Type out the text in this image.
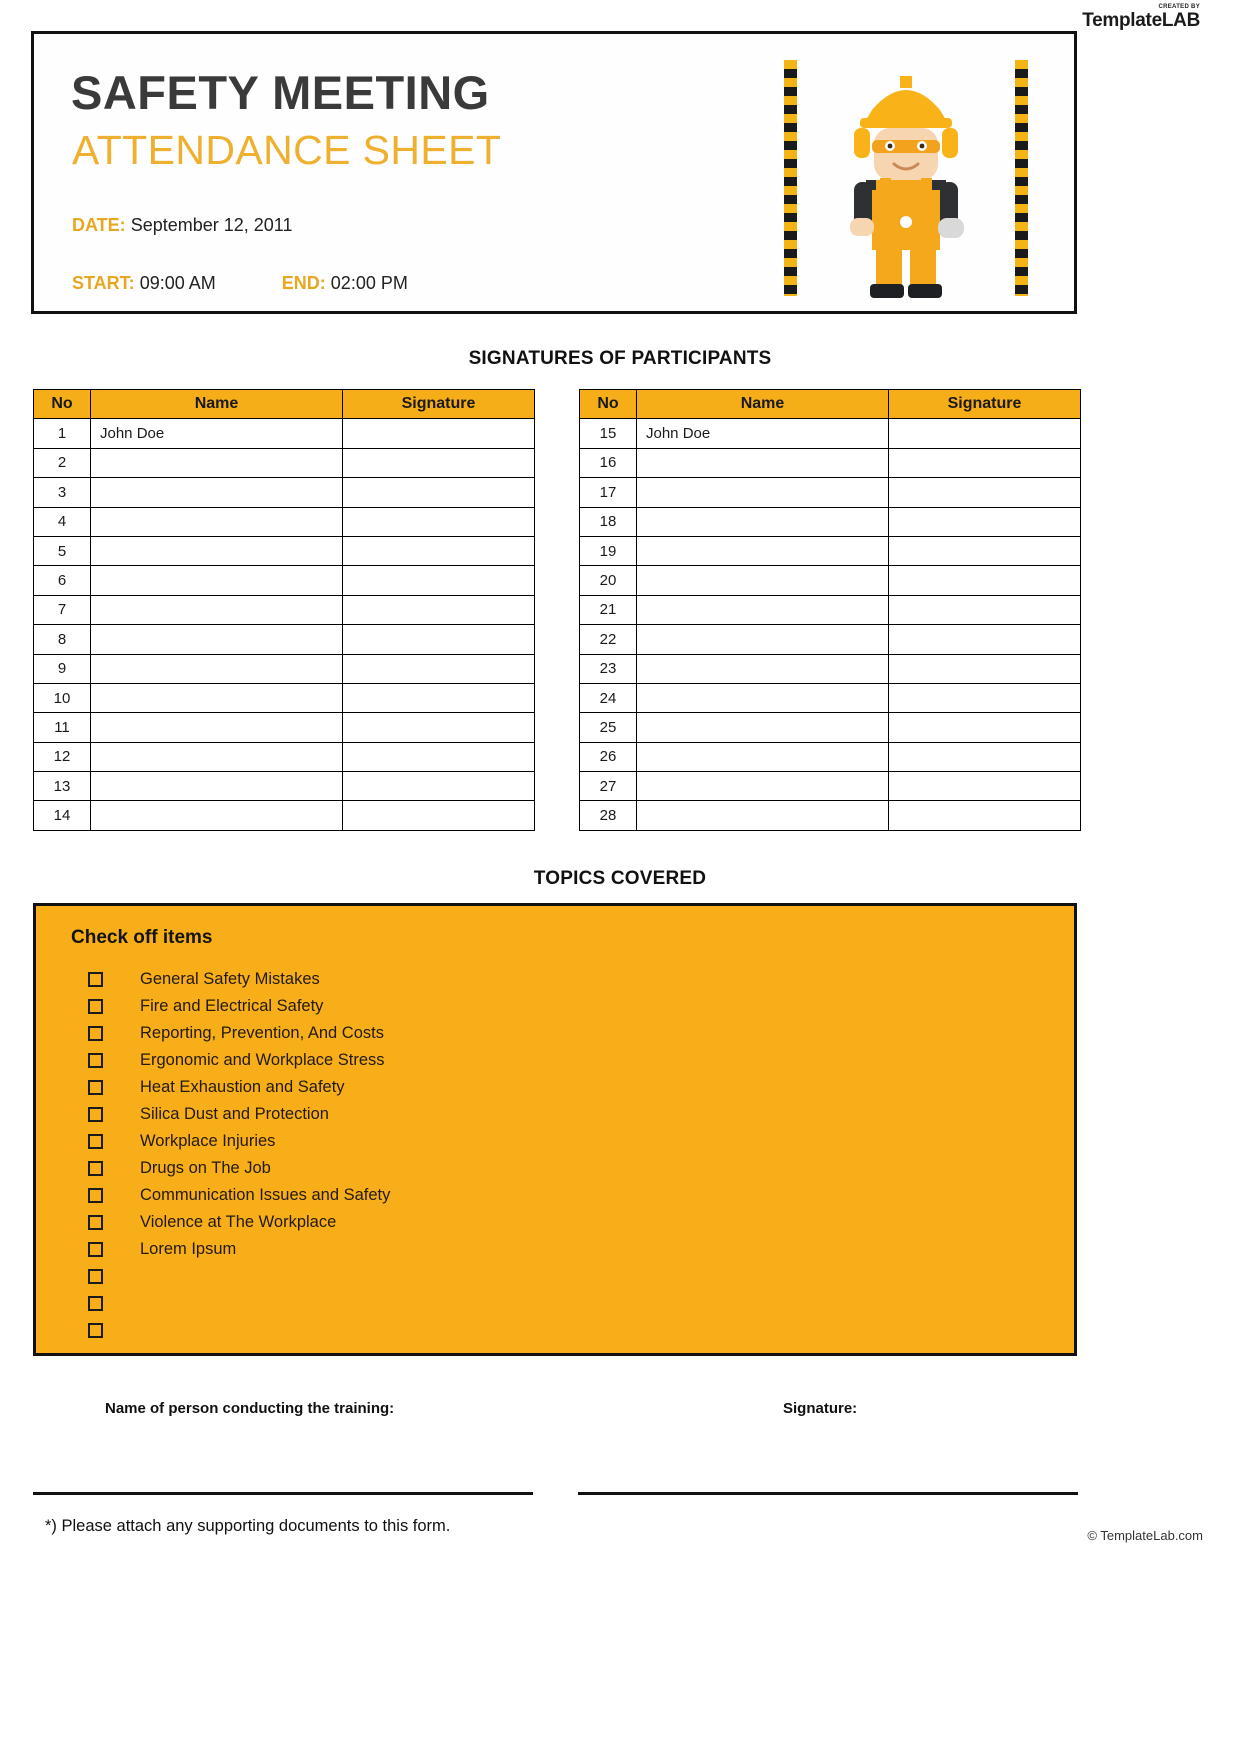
CREATED BY
TemplateLAB
SAFETY MEETING
ATTENDANCE SHEET
DATE: September 12, 2011
START: 09:00 AM	END: 02:00 PM
SIGNATURES OF PARTICIPANTS
No	Name	Signature
1	John Doe	
2		
3		
4		
5		
6		
7		
8		
9		
10		
11		
12		
13		
14		
No	Name	Signature
15	John Doe	
16		
17		
18		
19		
20		
21		
22		
23		
24		
25		
26		
27		
28		
TOPICS COVERED
Check off items
General Safety Mistakes
Fire and Electrical Safety
Reporting, Prevention, And Costs
Ergonomic and Workplace Stress
Heat Exhaustion and Safety
Silica Dust and Protection
Workplace Injuries
Drugs on The Job
Communication Issues and Safety
Violence at The Workplace
Lorem Ipsum
Name of person conducting the training:	Signature:
*) Please attach any supporting documents to this form.
© TemplateLab.com
